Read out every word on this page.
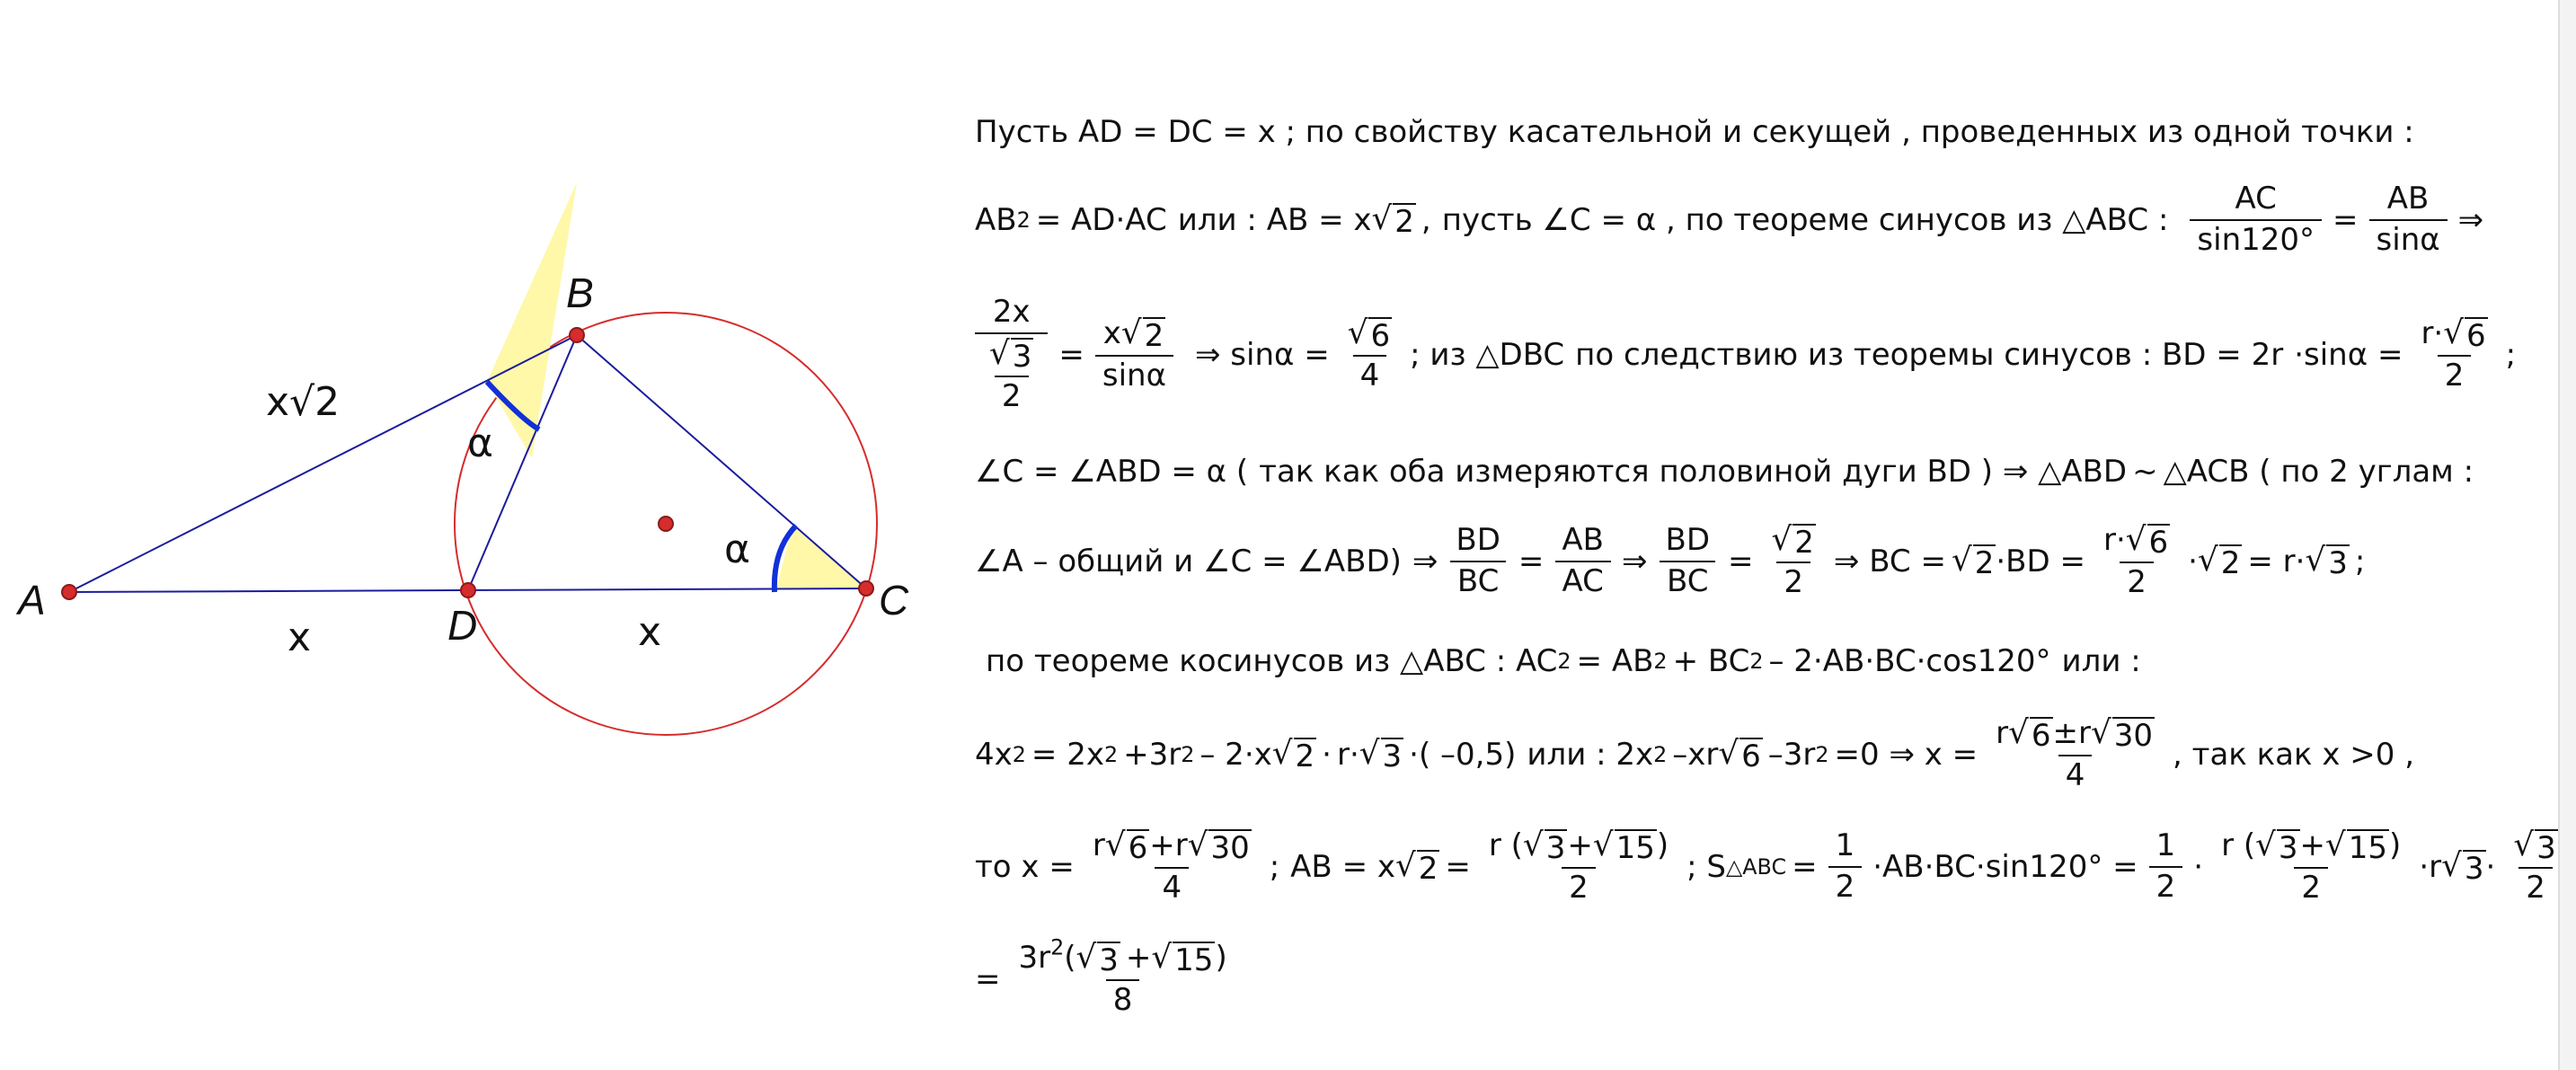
A
B
C
D
x√2
x	x
α
α
Пусть AD = DC = x ; по свойству касательной и секущей , проведенных из одной точки :
AB 2 = AD · AC или : AB = x √ 2 , пусть ∠C = α , по теореме синусов из △ABC : $\frac{AC}{\sin 120^\circ} = \frac{AB}{\sin\alpha}$ ⇒
$\frac{2x}{\frac{√ 3}{2}} = \frac{x √ 2}{\sin\alpha}$ ⇒ $\sin\alpha = \frac{√ 6}{4}$ ; из △DBC по следствию из теоремы синусов : BD = $2r \cdot \sin\alpha = \frac{r\cdot √ 6}{2}$ ;
∠C = ∠ABD = α ( так как оба измеряются половиной дуги BD ) ⇒ △ABD ~ △ACB ( по 2 углам :
∠A – общий и ∠C = ∠ABD) ⇒ $\frac{BD}{BC} = \frac{AB}{AC}$ ⇒ $\frac{BD}{BC} = \frac{√ 2}{2}$ ⇒ BC = √ 2 · BD = $\frac{r\cdot √ 6}{2}$ · √ 2 = r · √ 3 ;
по теореме косинусов из △ABC : AC 2 = AB 2 + BC 2 – 2 · AB · BC · cos120° или :
4x 2 = 2x 2 +3r 2 – 2 · x √ 2 · r · √ 3 · ( –0,5) или : 2x 2 –xr √ 6 –3r 2 =0 ⇒ $x = \frac{r √ 6 \pm r √ 30}{4}$ , так как x >0 ,
то $x = \frac{r √ 6 +r √ 30}{4}$ ; AB = x √ $2 = \frac{r ( √ 3 + √ 15 )}{2}$ ; S △ABC = $\frac{1}{2}$ · AB · BC · $\sin 120^\circ = \frac{1}{2} \cdot \frac{r ( √ 3 + √ 15 )}{2} \cdot r$ √ $3 \cdot \frac{√ 3}{2}$
= $\frac{3r^2( √ 3 + √ 15 )}{8}$
